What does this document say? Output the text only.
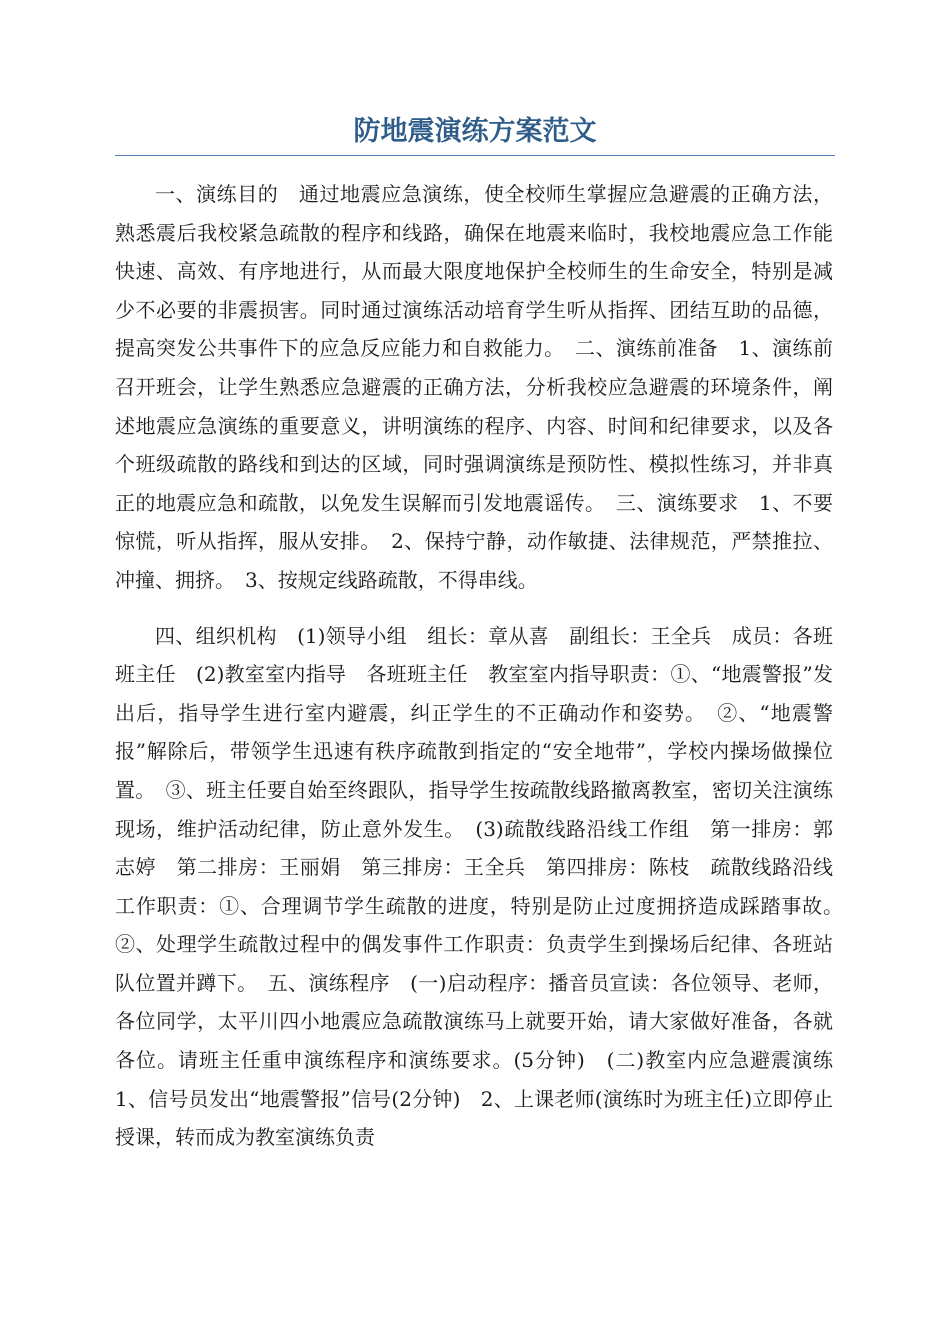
防地震演练方案范文

一、演练目的　通过地震应急演练，使全校师生掌握应急避震的正确方法，熟悉震后我校紧急疏散的程序和线路，确保在地震来临时，我校地震应急工作能快速、高效、有序地进行，从而最大限度地保护全校师生的生命安全，特别是减少不必要的非震损害。同时通过演练活动培育学生听从指挥、团结互助的品德，提高突发公共事件下的应急反应能力和自救能力。　二、演练前准备　1、演练前召开班会，让学生熟悉应急避震的正确方法，分析我校应急避震的环境条件，阐述地震应急演练的重要意义，讲明演练的程序、内容、时间和纪律要求，以及各个班级疏散的路线和到达的区域，同时强调演练是预防性、模拟性练习，并非真正的地震应急和疏散，以免发生误解而引发地震谣传。　三、演练要求　1、不要惊慌，听从指挥，服从安排。　2、保持宁静，动作敏捷、法律规范，严禁推拉、冲撞、拥挤。　3、按规定线路疏散，不得串线。

四、组织机构　(1)领导小组　组长：章从喜　副组长：王全兵　成员：各班班主任　(2)教室室内指导　各班班主任　教室室内指导职责：①、“地震警报”发出后，指导学生进行室内避震，纠正学生的不正确动作和姿势。　②、“地震警报”解除后，带领学生迅速有秩序疏散到指定的“安全地带”，学校内操场做操位置。　③、班主任要自始至终跟队，指导学生按疏散线路撤离教室，密切关注演练现场，维护活动纪律，防止意外发生。　(3)疏散线路沿线工作组　第一排房：郭志婷　第二排房：王丽娟　第三排房：王全兵　第四排房：陈枝　疏散线路沿线工作职责：①、合理调节学生疏散的进度，特别是防止过度拥挤造成踩踏事故。　②、处理学生疏散过程中的偶发事件工作职责：负责学生到操场后纪律、各班站队位置并蹲下。　五、演练程序　(一)启动程序：播音员宣读：各位领导、老师，各位同学，太平川四小地震应急疏散演练马上就要开始，请大家做好准备，各就各位。请班主任重申演练程序和演练要求。(5分钟)　(二)教室内应急避震演练　1、信号员发出“地震警报”信号(2分钟)　2、上课老师(演练时为班主任)立即停止授课，转而成为教室演练负责
